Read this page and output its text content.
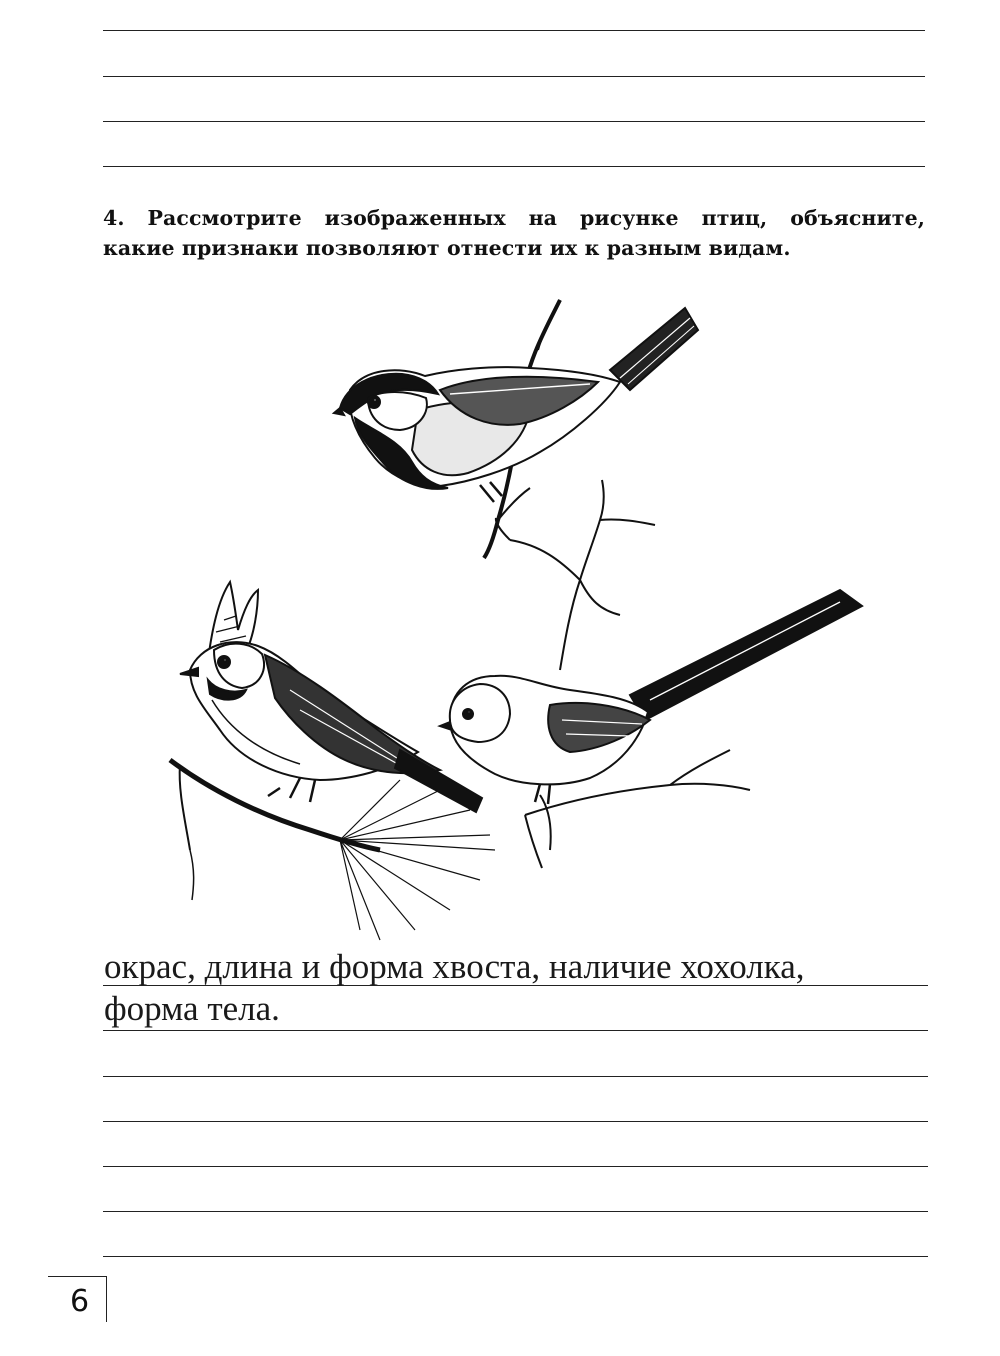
4. Рассмотрите изображенных на рисунке птиц, объясните,
какие признаки позволяют отнести их к разным видам.
окрас, длина и форма хвоста, наличие хохолка,
форма тела.
6
